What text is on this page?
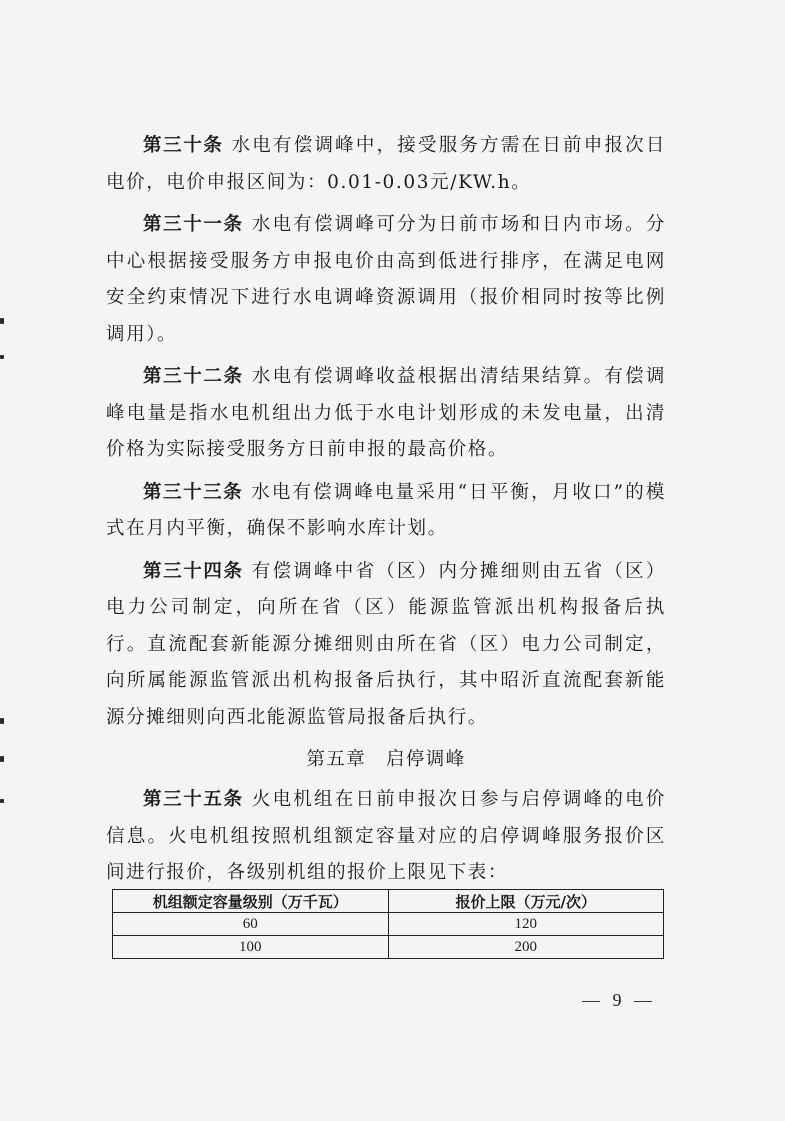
第三十条 水电有偿调峰中，接受服务方需在日前申报次日电价，电价申报区间为：0.01-0.03元/KW.h。

第三十一条 水电有偿调峰可分为日前市场和日内市场。分中心根据接受服务方申报电价由高到低进行排序，在满足电网安全约束情况下进行水电调峰资源调用（报价相同时按等比例调用）。

第三十二条 水电有偿调峰收益根据出清结果结算。有偿调峰电量是指水电机组出力低于水电计划形成的未发电量，出清价格为实际接受服务方日前申报的最高价格。

第三十三条 水电有偿调峰电量采用“日平衡，月收口”的模式在月内平衡，确保不影响水库计划。

第三十四条 有偿调峰中省（区）内分摊细则由五省（区）电力公司制定，向所在省（区）能源监管派出机构报备后执行。直流配套新能源分摊细则由所在省（区）电力公司制定，向所属能源监管派出机构报备后执行，其中昭沂直流配套新能源分摊细则向西北能源监管局报备后执行。

第五章　启停调峰

第三十五条 火电机组在日前申报次日参与启停调峰的电价信息。火电机组按照机组额定容量对应的启停调峰服务报价区间进行报价，各级别机组的报价上限见下表：

机组额定容量级别（万千瓦）	报价上限（万元/次）
60	120
100	200
— 9 —
